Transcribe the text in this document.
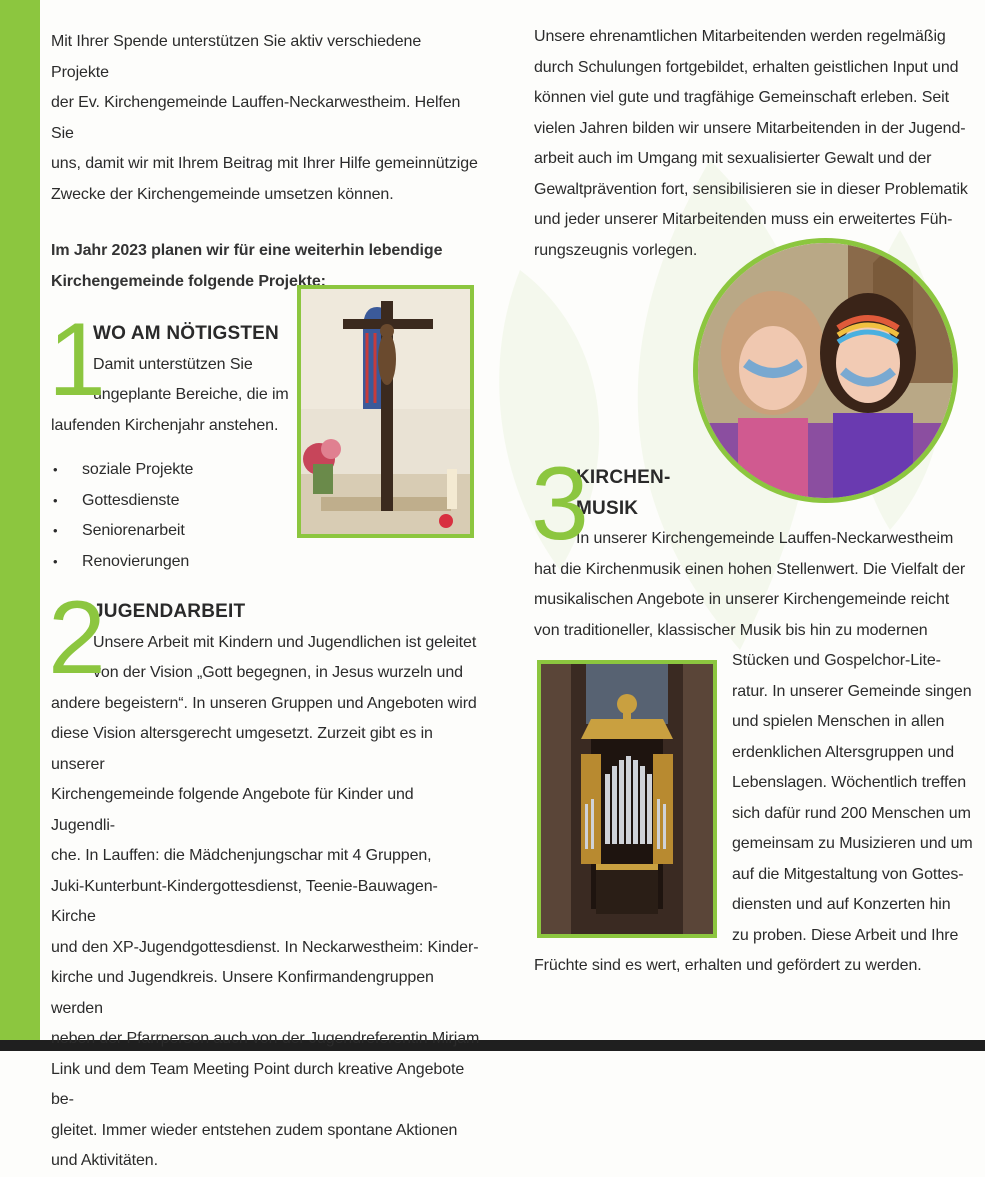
Mit Ihrer Spende unterstützen Sie aktiv verschiedene Projekte

der Ev. Kirchengemeinde Lauffen-Neckarwestheim. Helfen Sie

uns, damit wir mit Ihrem Beitrag mit Ihrer Hilfe gemeinnützige

Zwecke der Kirchengemeinde umsetzen können.

Im Jahr 2023 planen wir für eine weiterhin lebendige

Kirchengemeinde folgende Projekte:

1

WO AM NÖTIGSTEN

Damit unterstützen Sie

ungeplante Bereiche, die im

laufenden Kirchenjahr anstehen.

• soziale Projekte
• Gottesdienste
• Seniorenarbeit
• Renovierungen
2

JUGENDARBEIT

Unsere Arbeit mit Kindern und Jugendlichen ist geleitet

von der Vision „Gott begegnen, in Jesus wurzeln und

andere begeistern“. In unseren Gruppen und Angeboten wird

diese Vision altersgerecht umgesetzt. Zurzeit gibt es in unserer

Kirchengemeinde folgende Angebote für Kinder und Jugendli-

che. In Lauffen: die Mädchenjungschar mit 4 Gruppen,

Juki-Kunterbunt-Kindergottesdienst, Teenie-Bauwagen-Kirche

und den XP-Jugendgottesdienst. In Neckarwestheim: Kinder-

kirche und Jugendkreis. Unsere Konfirmandengruppen werden

neben der Pfarrperson auch von der Jugendreferentin Mirjam

Link und dem Team Meeting Point durch kreative Angebote be-

gleitet. Immer wieder entstehen zudem spontane Aktionen

und Aktivitäten.

Unsere ehrenamtlichen Mitarbeitenden werden regelmäßig

durch Schulungen fortgebildet, erhalten geistlichen Input und

können viel gute und tragfähige Gemeinschaft erleben. Seit

vielen Jahren bilden wir unsere Mitarbeitenden in der Jugend-

arbeit auch im Umgang mit sexualisierter Gewalt und der

Gewaltprävention fort, sensibilisieren sie in dieser Problematik

und jeder unserer Mitarbeitenden muss ein erweitertes Füh-

rungszeugnis vorlegen.

3

KIRCHEN-

MUSIK

In unserer Kirchengemeinde Lauffen-Neckarwestheim

hat die Kirchenmusik einen hohen Stellenwert. Die Vielfalt der

musikalischen Angebote in unserer Kirchengemeinde reicht

von traditioneller, klassischer Musik bis hin zu modernen

Stücken und Gospelchor-Lite-

ratur. In unserer Gemeinde singen

und spielen Menschen in allen

erdenklichen Altersgruppen und

Lebenslagen. Wöchentlich treffen

sich dafür rund 200 Menschen um

gemeinsam zu Musizieren und um

auf die Mitgestaltung von Gottes-

diensten und auf Konzerten hin

zu proben. Diese Arbeit und Ihre

Früchte sind es wert, erhalten und gefördert zu werden.
